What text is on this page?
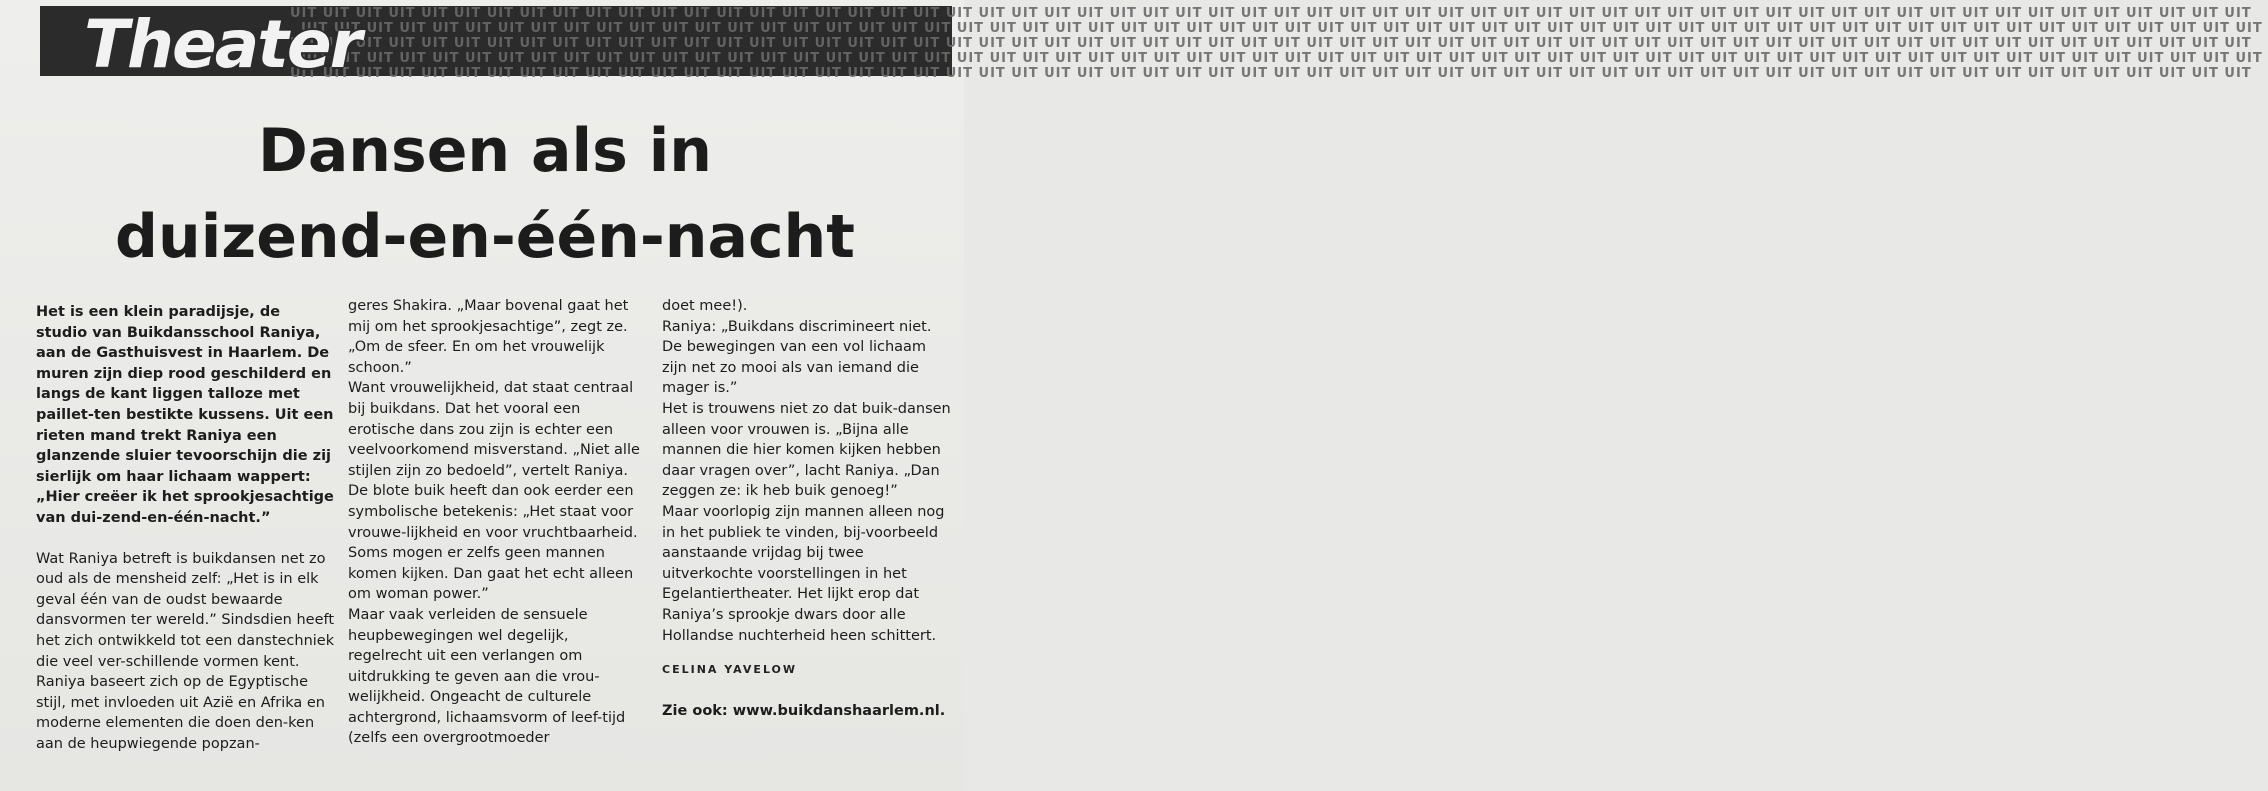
UIT UIT UIT UIT UIT UIT UIT UIT UIT UIT UIT UIT UIT UIT UIT UIT UIT UIT UIT UIT UIT UIT UIT UIT UIT UIT UIT UIT UIT UIT UIT UIT UIT UIT UIT UIT UIT UIT UIT UIT UIT UIT UIT UIT UIT UIT UIT UIT UIT UIT UIT UIT UIT UIT UIT UIT UIT UIT UIT UIT
UIT UIT UIT UIT UIT UIT UIT UIT UIT UIT UIT UIT UIT UIT UIT UIT UIT UIT UIT UIT UIT UIT UIT UIT UIT UIT UIT UIT UIT UIT UIT UIT UIT UIT UIT UIT UIT UIT UIT UIT UIT UIT UIT UIT UIT UIT UIT UIT UIT UIT UIT UIT UIT UIT UIT UIT UIT UIT UIT UIT
UIT UIT UIT UIT UIT UIT UIT UIT UIT UIT UIT UIT UIT UIT UIT UIT UIT UIT UIT UIT UIT UIT UIT UIT UIT UIT UIT UIT UIT UIT UIT UIT UIT UIT UIT UIT UIT UIT UIT UIT UIT UIT UIT UIT UIT UIT UIT UIT UIT UIT UIT UIT UIT UIT UIT UIT UIT UIT UIT UIT
UIT UIT UIT UIT UIT UIT UIT UIT UIT UIT UIT UIT UIT UIT UIT UIT UIT UIT UIT UIT UIT UIT UIT UIT UIT UIT UIT UIT UIT UIT UIT UIT UIT UIT UIT UIT UIT UIT UIT UIT UIT UIT UIT UIT UIT UIT UIT UIT UIT UIT UIT UIT UIT UIT UIT UIT UIT UIT UIT UIT
UIT UIT UIT UIT UIT UIT UIT UIT UIT UIT UIT UIT UIT UIT UIT UIT UIT UIT UIT UIT UIT UIT UIT UIT UIT UIT UIT UIT UIT UIT UIT UIT UIT UIT UIT UIT UIT UIT UIT UIT UIT UIT UIT UIT UIT UIT UIT UIT UIT UIT UIT UIT UIT UIT UIT UIT UIT UIT UIT UIT
Theater
Dansen als in
duizend-en-één-nacht

Het is een klein paradijsje, de studio van Buikdansschool Raniya, aan de Gasthuisvest in Haarlem. De muren zijn diep rood geschilderd en langs de kant liggen talloze met paillet-ten bestikte kussens. Uit een rieten mand trekt Raniya een glanzende sluier tevoorschijn die zij sierlijk om haar lichaam wappert: „Hier creëer ik het sprookjesachtige van dui-zend-en-één-nacht.”

Wat Raniya betreft is buikdansen net zo oud als de mensheid zelf: „Het is in elk geval één van de oudst bewaarde dansvormen ter wereld.” Sindsdien heeft het zich ontwikkeld tot een danstechniek die veel ver-schillende vormen kent. Raniya baseert zich op de Egyptische stijl, met invloeden uit Azië en Afrika en moderne elementen die doen den-ken aan de heupwiegende popzan-

geres Shakira. „Maar bovenal gaat het mij om het sprookjesachtige”, zegt ze. „Om de sfeer. En om het vrouwelijk schoon.”

Want vrouwelijkheid, dat staat centraal bij buikdans. Dat het vooral een erotische dans zou zijn is echter een veelvoorkomend misverstand. „Niet alle stijlen zijn zo bedoeld”, vertelt Raniya. De blote buik heeft dan ook eerder een symbolische betekenis: „Het staat voor vrouwe-lijkheid en voor vruchtbaarheid. Soms mogen er zelfs geen mannen komen kijken. Dan gaat het echt alleen om woman power.”

Maar vaak verleiden de sensuele heupbewegingen wel degelijk, regelrecht uit een verlangen om uitdrukking te geven aan die vrou-welijkheid. Ongeacht de culturele achtergrond, lichaamsvorm of leef-tijd (zelfs een overgrootmoeder

doet mee!).

Raniya: „Buikdans discrimineert niet. De bewegingen van een vol lichaam zijn net zo mooi als van iemand die mager is.”

Het is trouwens niet zo dat buik-dansen alleen voor vrouwen is. „Bijna alle mannen die hier komen kijken hebben daar vragen over”, lacht Raniya. „Dan zeggen ze: ik heb buik genoeg!”

Maar voorlopig zijn mannen alleen nog in het publiek te vinden, bij-voorbeeld aanstaande vrijdag bij twee uitverkochte voorstellingen in het Egelantiertheater. Het lijkt erop dat Raniya’s sprookje dwars door alle Hollandse nuchterheid heen schittert.

CELINA YAVELOW
Zie ook: www.buikdanshaarlem.nl.
